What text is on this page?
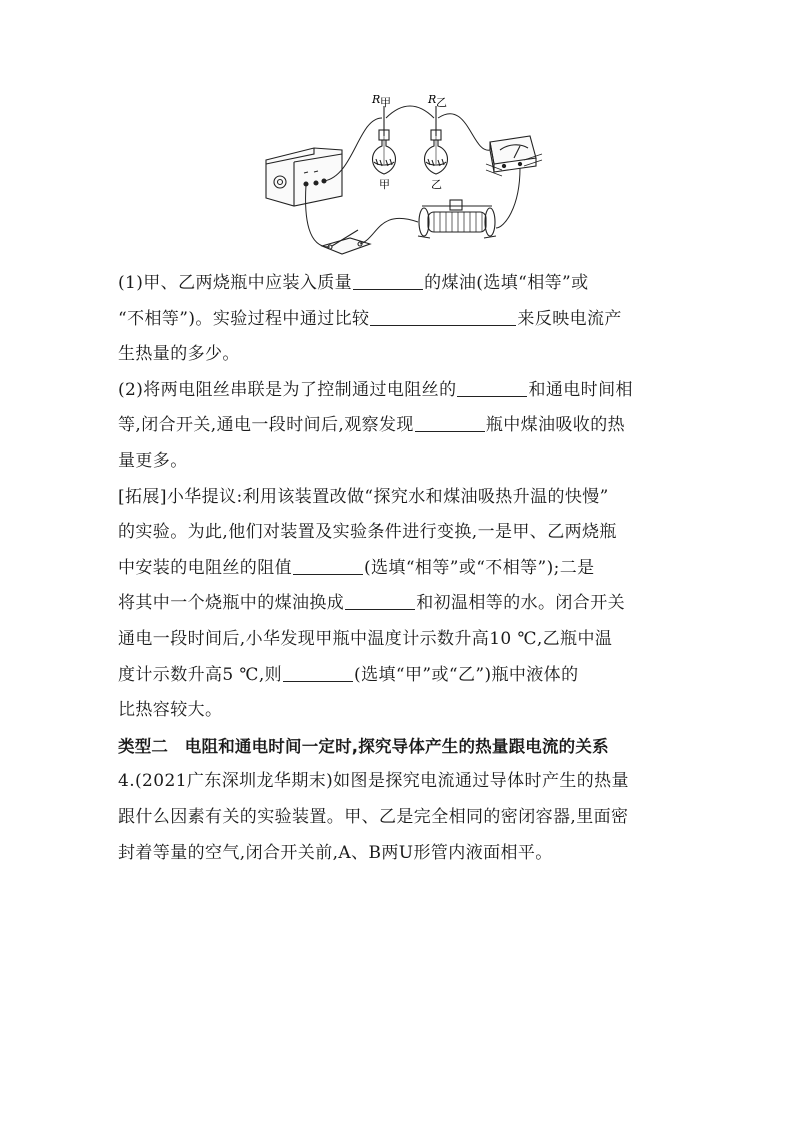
R 甲	R 乙
甲	乙
(1)甲、乙两烧瓶中应装入质量	的煤油(选填“相等”或
“不相等”)。实验过程中通过比较	来反映电流产
生热量的多少。
(2)将两电阻丝串联是为了控制通过电阻丝的	和通电时间相
等,闭合开关,通电一段时间后,观察发现	瓶中煤油吸收的热
量更多。
[拓展]小华提议:利用该装置改做“探究水和煤油吸热升温的快慢”
的实验。为此,他们对装置及实验条件进行变换,一是甲、乙两烧瓶
中安装的电阻丝的阻值	(选填“相等”或“不相等”);二是
将其中一个烧瓶中的煤油换成	和初温相等的水。闭合开关
通电一段时间后,小华发现甲瓶中温度计示数升高10 ℃,乙瓶中温
度计示数升高5 ℃,则	(选填“甲”或“乙”)瓶中液体的
比热容较大。
类型二　电阻和通电时间一定时,探究导体产生的热量跟电流的关系
4.(2021广东深圳龙华期末)如图是探究电流通过导体时产生的热量
跟什么因素有关的实验装置。甲、乙是完全相同的密闭容器,里面密
封着等量的空气,闭合开关前,A、B两U形管内液面相平。
